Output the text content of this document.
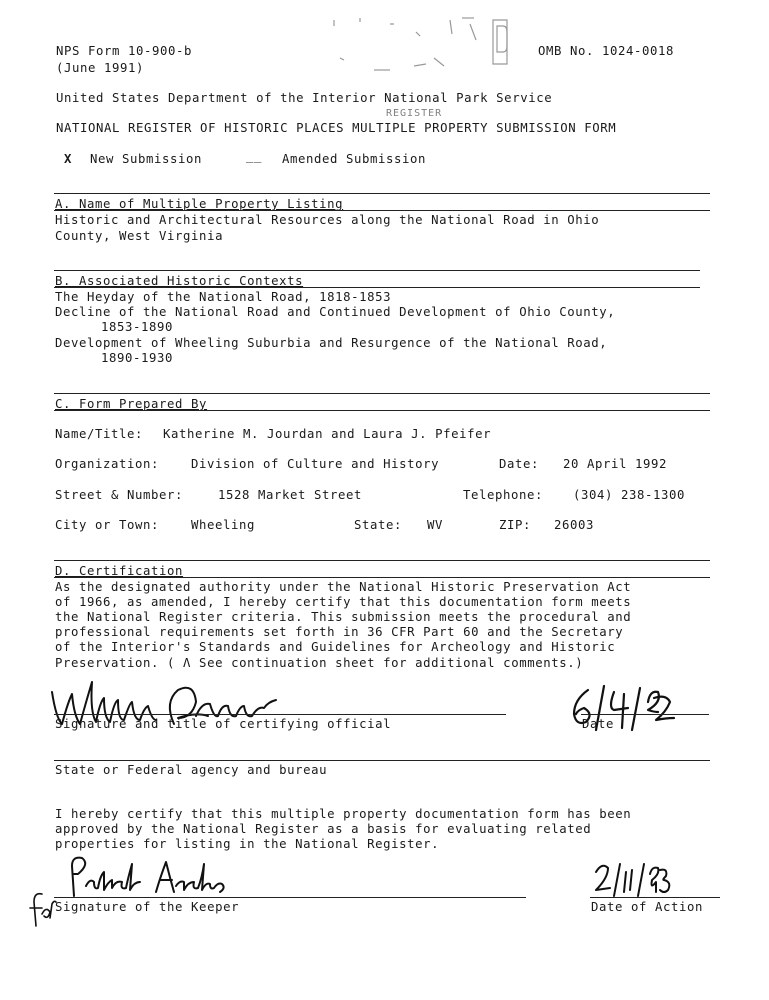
NPS Form 10-900-b
(June 1991)
OMB No. 1024-0018
United States Department of the Interior National Park Service
REGISTER
NATIONAL REGISTER OF HISTORIC PLACES MULTIPLE PROPERTY SUBMISSION FORM
X New Submission	__ Amended Submission
A. Name of Multiple Property Listing
Historic and Architectural Resources along the National Road in Ohio
County, West Virginia
B. Associated Historic Contexts
The Heyday of the National Road, 1818-1853
Decline of the National Road and Continued Development of Ohio County,
1853-1890
Development of Wheeling Suburbia and Resurgence of the National Road,
1890-1930
C. Form Prepared By
Name/Title: Katherine M. Jourdan and Laura J. Pfeifer
Organization:	Division of Culture and History	Date: 20 April 1992
Street & Number:	1528 Market Street	Telephone: (304) 238-1300
City or Town:	Wheeling	State: WV	ZIP: 26003
D. Certification
As the designated authority under the National Historic Preservation Act
of 1966, as amended, I hereby certify that this documentation form meets
the National Register criteria. This submission meets the procedural and
professional requirements set forth in 36 CFR Part 60 and the Secretary
of the Interior's Standards and Guidelines for Archeology and Historic
Preservation. ( Λ See continuation sheet for additional comments.)
Signature and title of certifying official	Date
State or Federal agency and bureau
I hereby certify that this multiple property documentation form has been
approved by the National Register as a basis for evaluating related
properties for listing in the National Register.
Signature of the Keeper	Date of Action
